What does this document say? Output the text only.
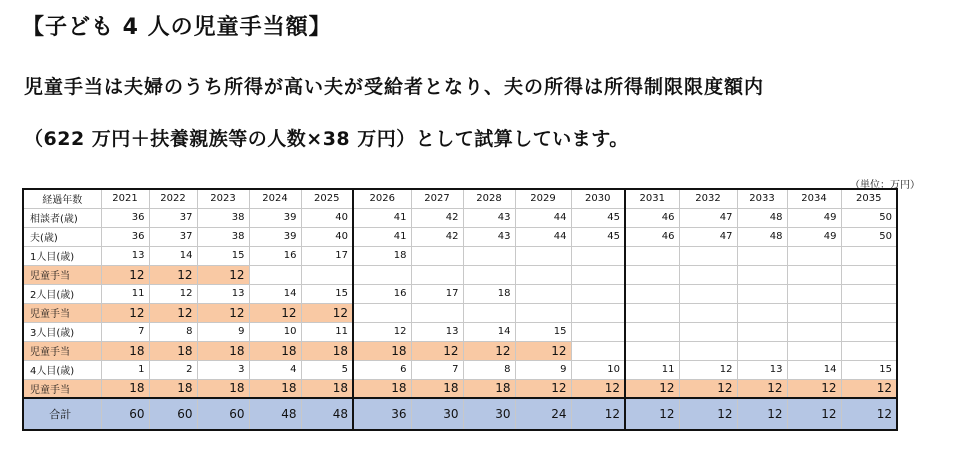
【子ども 4 人の児童手当額】
児童手当は夫婦のうち所得が高い夫が受給者となり、夫の所得は所得制限限度額内
（622 万円＋扶養親族等の人数×38 万円）として試算しています。
（単位：万円）
経過年数	2021	2022	2023	2024	2025	2026	2027	2028	2029	2030	2031	2032	2033	2034	2035
相談者(歳)	36	37	38	39	40	41	42	43	44	45	46	47	48	49	50
夫(歳)	36	37	38	39	40	41	42	43	44	45	46	47	48	49	50
1人目(歳)	13	14	15	16	17	18									
児童手当	12	12	12												
2人目(歳)	11	12	13	14	15	16	17	18							
児童手当	12	12	12	12	12										
3人目(歳)	7	8	9	10	11	12	13	14	15						
児童手当	18	18	18	18	18	18	12	12	12						
4人目(歳)	1	2	3	4	5	6	7	8	9	10	11	12	13	14	15
児童手当	18	18	18	18	18	18	18	18	12	12	12	12	12	12	12
合計	60	60	60	48	48	36	30	30	24	12	12	12	12	12	12
